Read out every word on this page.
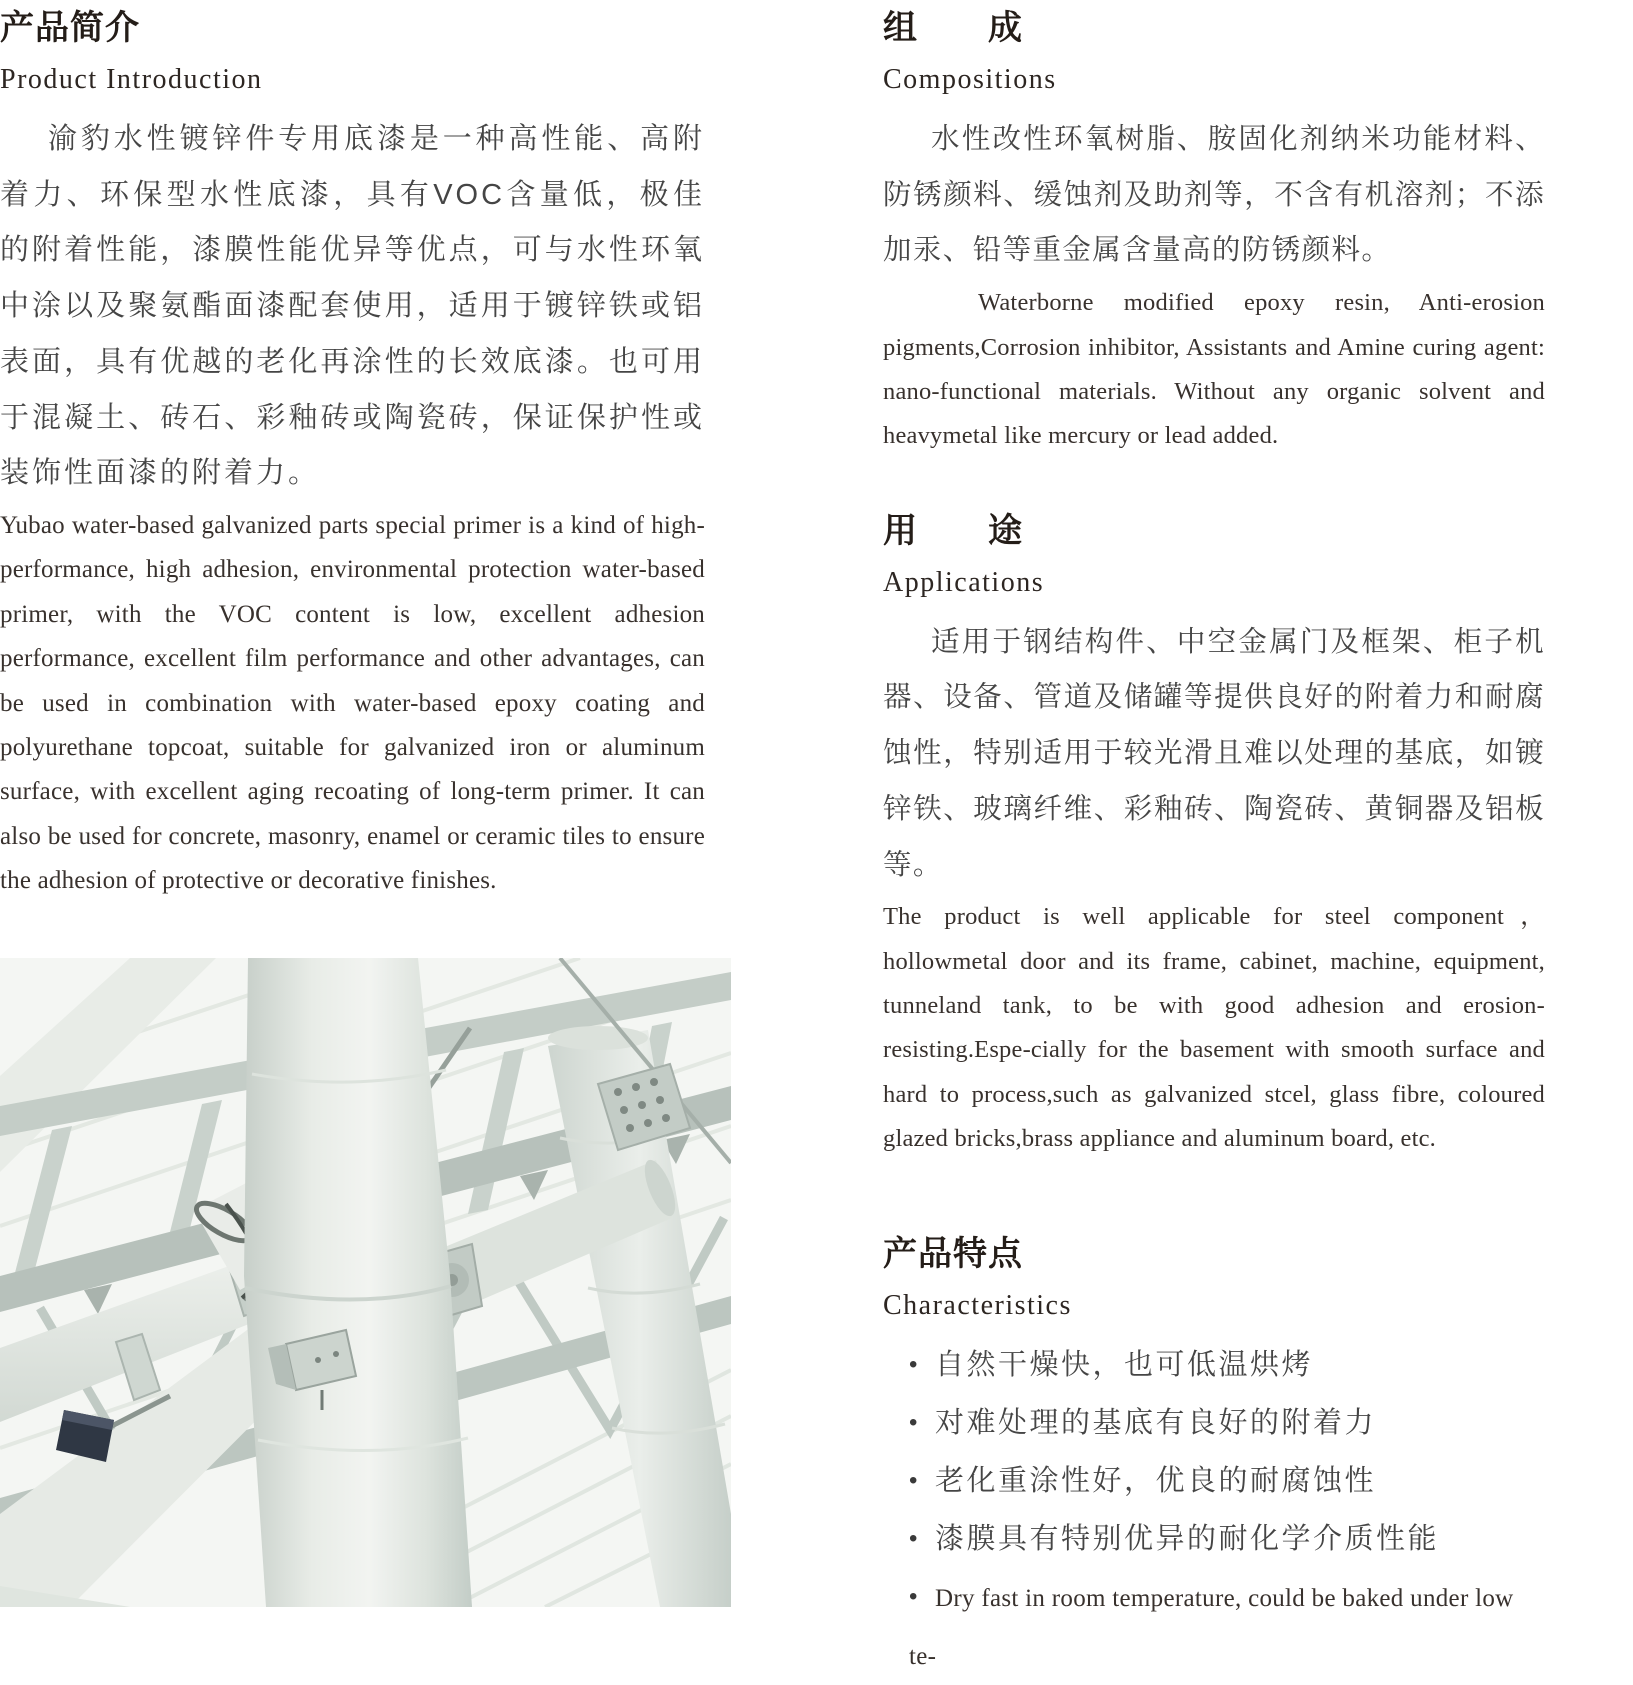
产品简介
Product Introduction

渝豹水性镀锌件专用底漆是一种高性能、高附着力、环保型水性底漆，具有VOC含量低，极佳的附着性能，漆膜性能优异等优点，可与水性环氧中涂以及聚氨酯面漆配套使用，适用于镀锌铁或铝表面，具有优越的老化再涂性的长效底漆。也可用于混凝土、砖石、彩釉砖或陶瓷砖，保证保护性或装饰性面漆的附着力。

Yubao water-based galvanized parts special primer is a kind of high-performance, high adhesion, environmental protection water-based primer, with the VOC content is low, excellent adhesion performance, excellent film performance and other advantages, can be used in combination with water-based epoxy coating and polyurethane topcoat, suitable for galvanized iron or aluminum surface, with excellent aging recoating of long-term primer. It can also be used for concrete, masonry, enamel or ceramic tiles to ensure the adhesion of protective or decorative finishes.

组　　成
Compositions

水性改性环氧树脂、胺固化剂纳米功能材料、防锈颜料、缓蚀剂及助剂等，不含有机溶剂；不添加汞、铅等重金属含量高的防锈颜料。

Waterborne modified epoxy resin, Anti-erosion pigments,Corrosion inhibitor, Assistants and Amine curing agent: nano-functional materials. Without any organic solvent and heavymetal like mercury or lead added.

用　　途
Applications

适用于钢结构件、中空金属门及框架、柜子机器、设备、管道及储罐等提供良好的附着力和耐腐蚀性，特别适用于较光滑且难以处理的基底，如镀锌铁、玻璃纤维、彩釉砖、陶瓷砖、黄铜器及铝板等。

The product is well applicable for steel component， hollowmetal door and its frame, cabinet, machine, equipment, tunneland tank, to be with good adhesion and erosion-resisting.Espe-cially for the basement with smooth surface and hard to process,such as galvanized stcel, glass fibre, coloured glazed bricks,brass appliance and aluminum board, etc.

产品特点
Characteristics
• 自然干燥快，也可低温烘烤
• 对难处理的基底有良好的附着力
• 老化重涂性好，优良的耐腐蚀性
• 漆膜具有特别优异的耐化学介质性能
• Dry fast in room temperature, could be baked under low te-
